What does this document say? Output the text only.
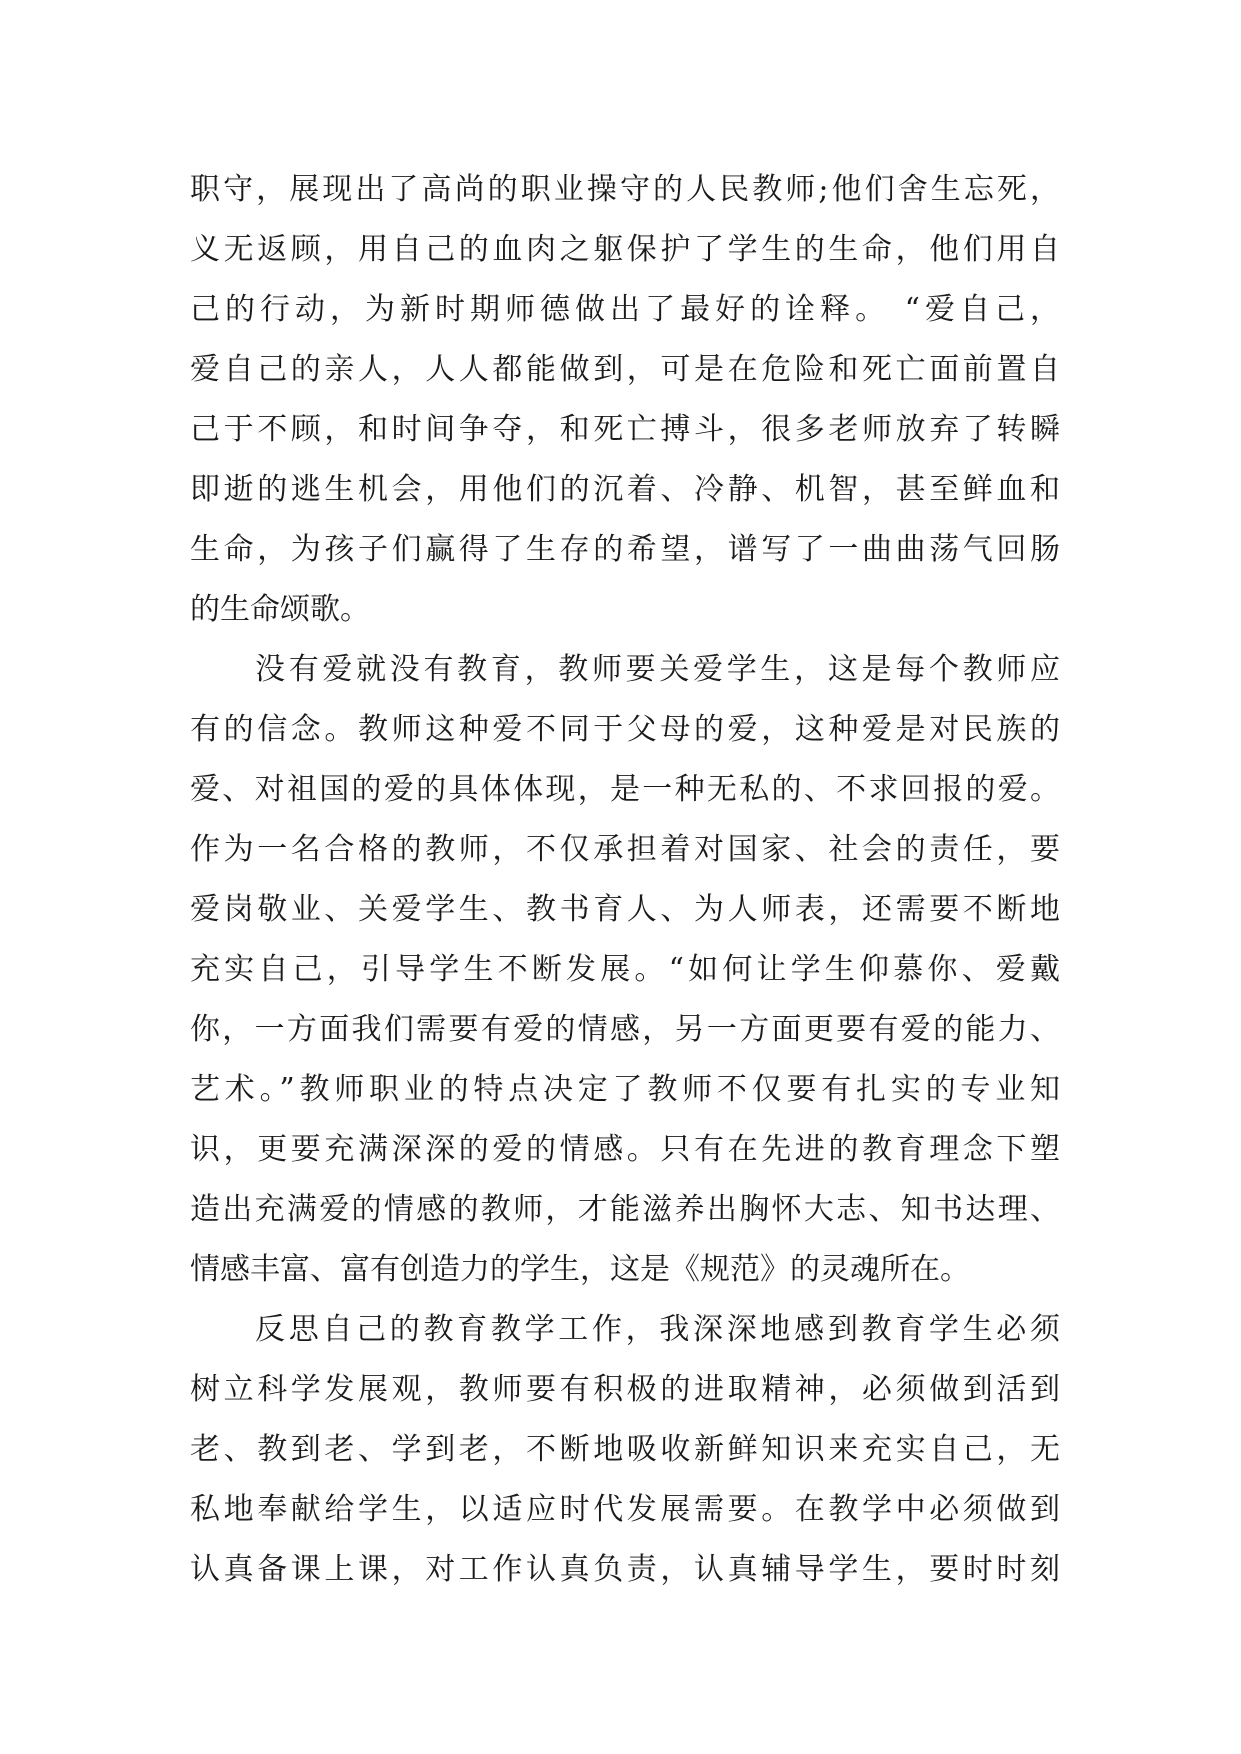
职守，展现出了高尚的职业操守的人民教师;他们舍生忘死，
义无返顾，用自己的血肉之躯保护了学生的生命，他们用自
己的行动，为新时期师德做出了最好的诠释。 “爱自己，
爱自己的亲人，人人都能做到，可是在危险和死亡面前置自
己于不顾，和时间争夺，和死亡搏斗，很多老师放弃了转瞬
即逝的逃生机会，用他们的沉着、冷静、机智，甚至鲜血和
生命，为孩子们赢得了生存的希望，谱写了一曲曲荡气回肠
的生命颂歌。
没有爱就没有教育，教师要关爱学生，这是每个教师应
有的信念。教师这种爱不同于父母的爱，这种爱是对民族的
爱、对祖国的爱的具体体现，是一种无私的、不求回报的爱。
作为一名合格的教师，不仅承担着对国家、社会的责任，要
爱岗敬业、关爱学生、教书育人、为人师表，还需要不断地
充实自己，引导学生不断发展。“如何让学生仰慕你、爱戴
你，一方面我们需要有爱的情感，另一方面更要有爱的能力、
艺术。”教师职业的特点决定了教师不仅要有扎实的专业知
识，更要充满深深的爱的情感。只有在先进的教育理念下塑
造出充满爱的情感的教师，才能滋养出胸怀大志、知书达理、
情感丰富、富有创造力的学生，这是《规范》的灵魂所在。
反思自己的教育教学工作，我深深地感到教育学生必须
树立科学发展观，教师要有积极的进取精神，必须做到活到
老、教到老、学到老，不断地吸收新鲜知识来充实自己，无
私地奉献给学生，以适应时代发展需要。在教学中必须做到
认真备课上课，对工作认真负责，认真辅导学生，要时时刻
